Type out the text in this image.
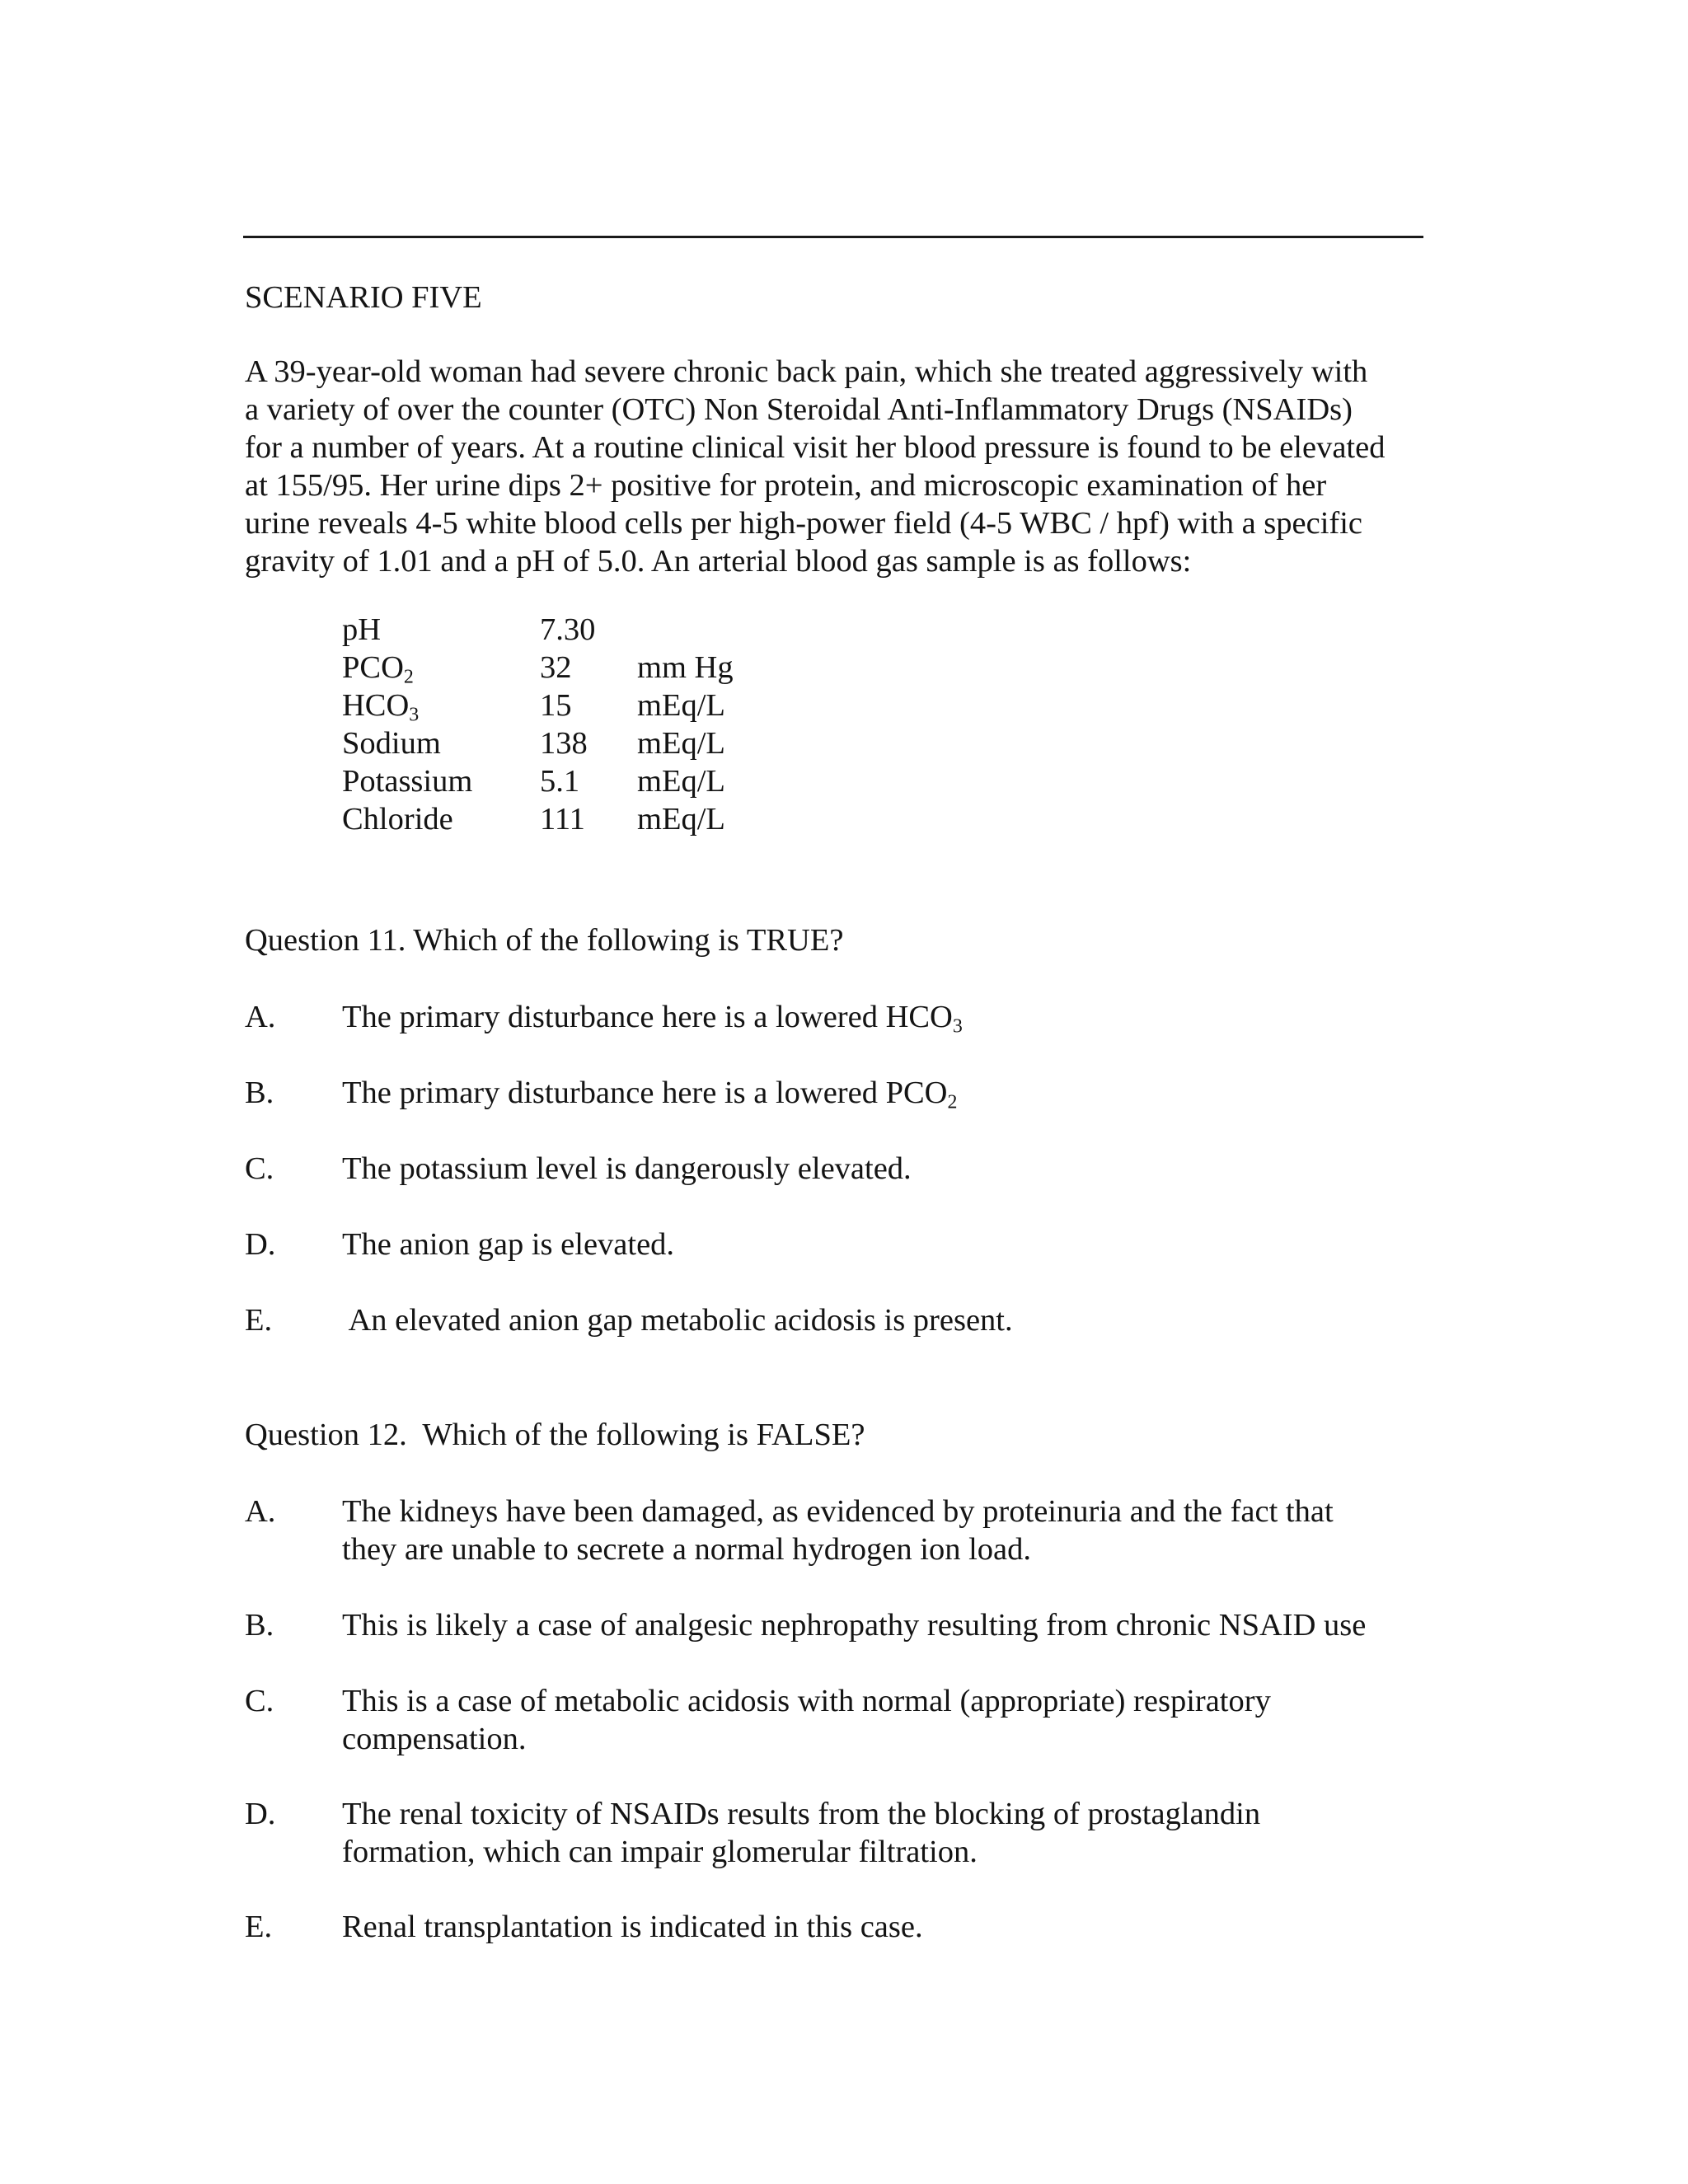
SCENARIO FIVE

A 39-year-old woman had severe chronic back pain, which she treated aggressively with
a variety of over the counter (OTC) Non Steroidal Anti-Inflammatory Drugs (NSAIDs)
for a number of years. At a routine clinical visit her blood pressure is found to be elevated
at 155/95. Her urine dips 2+ positive for protein, and microscopic examination of her
urine reveals 4-5 white blood cells per high-power field (4-5 WBC / hpf) with a specific
gravity of 1.01 and a pH of 5.0. An arterial blood gas sample is as follows:

pH	7.30
$PCO_2$	32 mm Hg
$HCO_3$	15 mEq/L
Sodium	138 mEq/L
Potassium 5.1 mEq/L
Chloride	111 mEq/L

Question 11. Which of the following is TRUE?

A. The primary disturbance here is a lowered $HCO_3$
B. The primary disturbance here is a lowered $PCO_2$
C. The potassium level is dangerously elevated.
D. The anion gap is elevated.
E. An elevated anion gap metabolic acidosis is present.

Question 12.  Which of the following is FALSE?

A. The kidneys have been damaged, as evidenced by proteinuria and the fact that
they are unable to secrete a normal hydrogen ion load.
B. This is likely a case of analgesic nephropathy resulting from chronic NSAID use
C. This is a case of metabolic acidosis with normal (appropriate) respiratory
compensation.
D. The renal toxicity of NSAIDs results from the blocking of prostaglandin
formation, which can impair glomerular filtration.
E. Renal transplantation is indicated in this case.
